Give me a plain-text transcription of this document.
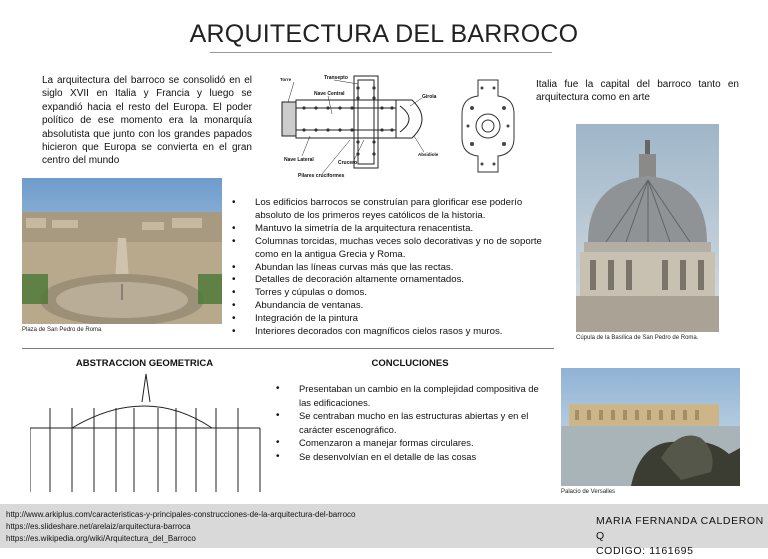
ARQUITECTURA DEL BARROCO
La arquitectura del barroco se consolidó en el siglo XVII en Italia y Francia y luego se expandió hacia el resto del Europa. El poder político de ese momento era la monarquía absolutista que junto con los grandes papados hicieron que Europa se convierta en el gran centro del mundo
Torre	Transepto
Nave Central	Girola
Nave Lateral	Crucero
Absidiole
Pilares cruciformes
Italia fue la capital del barroco tanto en arquitectura como en arte
Plaza de San Pedro de Roma
• Los edificios barrocos se construían para glorificar ese poderío absoluto de los primeros reyes católicos de la historia.
• Mantuvo la simetría de la arquitectura renacentista.
• Columnas torcidas, muchas veces solo decorativas y no de soporte como en la antigua Grecia y Roma.
• Abundan las líneas curvas más que las rectas.
• Detalles de decoración altamente ornamentados.
• Torres y cúpulas o domos.
• Abundancia de ventanas.
• Integración de la pintura
• Interiores decorados con magníficos cielos rasos y muros.
Cúpula de la Basílica de San Pedro de Roma.
ABSTRACCION GEOMETRICA	CONCLUCIONES
• Presentaban un cambio en la complejidad compositiva de las edificaciones.
• Se centraban mucho en las estructuras abiertas y en el carácter escenográfico.
• Comenzaron a manejar formas circulares.
• Se desenvolvían en el detalle de las cosas
Palacio de Versalles
http://www.arkiplus.com/caracteristicas-y-principales-construcciones-de-la-arquitectura-del-barroco
https://es.slideshare.net/arelaiz/arquitectura-barroca
https://es.wikipedia.org/wiki/Arquitectura_del_Barroco
MARIA FERNANDA CALDERON Q
CODIGO: 1161695
